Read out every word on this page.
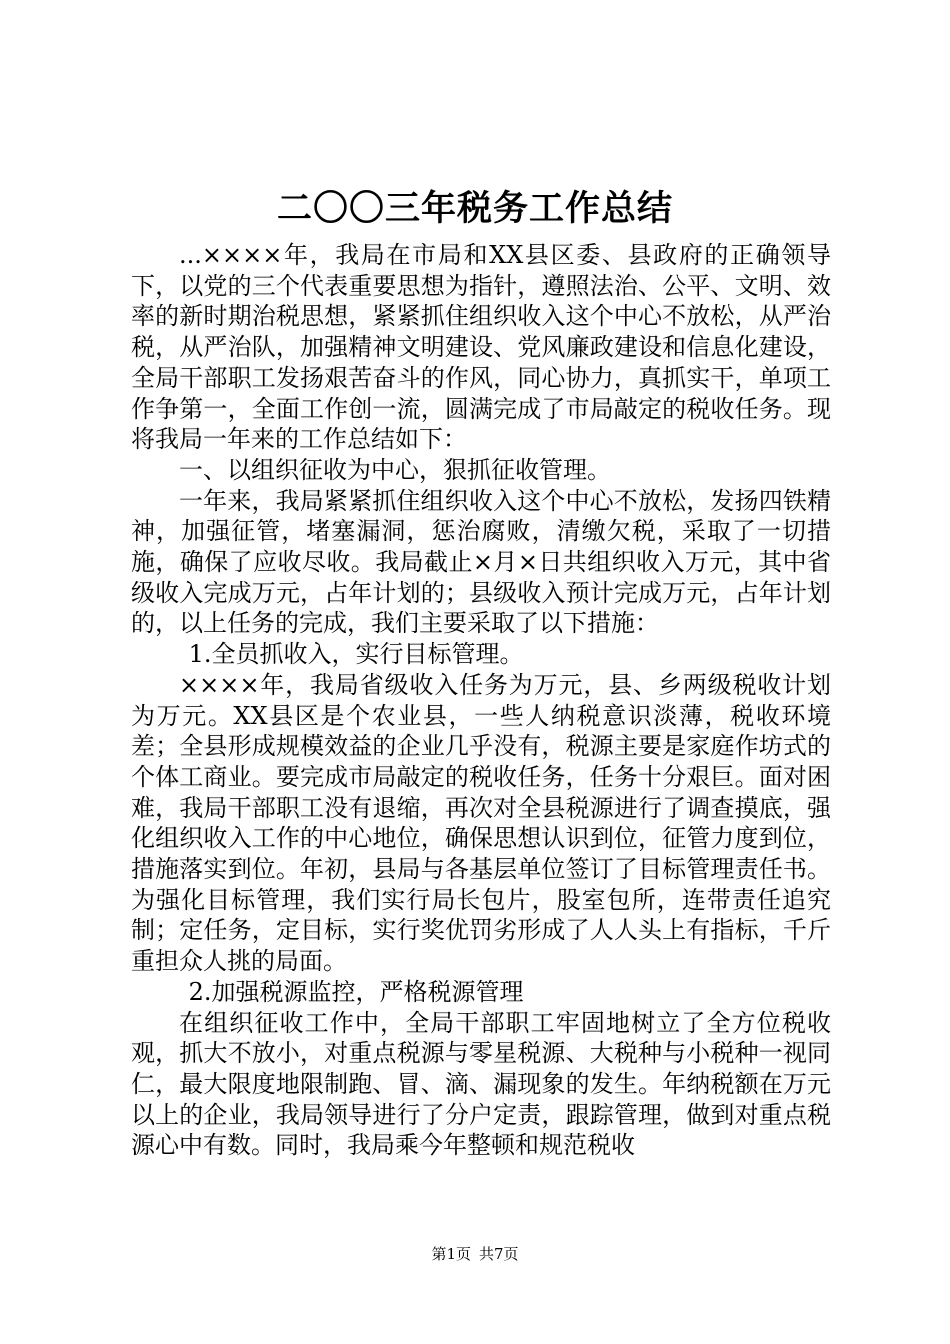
二〇〇三年税务工作总结

...××××年，我局在市局和XX县区委、县政府的正确领导下，以党的三个代表重要思想为指针，遵照法治、公平、文明、效率的新时期治税思想，紧紧抓住组织收入这个中心不放松，从严治税，从严治队，加强精神文明建设、党风廉政建设和信息化建设，全局干部职工发扬艰苦奋斗的作风，同心协力，真抓实干，单项工作争第一，全面工作创一流，圆满完成了市局敲定的税收任务。现将我局一年来的工作总结如下：

一、以组织征收为中心，狠抓征收管理。

一年来，我局紧紧抓住组织收入这个中心不放松，发扬四铁精神，加强征管，堵塞漏洞，惩治腐败，清缴欠税，采取了一切措施，确保了应收尽收。我局截止×月×日共组织收入万元，其中省级收入完成万元，占年计划的；县级收入预计完成万元，占年计划的，以上任务的完成，我们主要采取了以下措施：

1.全员抓收入，实行目标管理。

××××年，我局省级收入任务为万元，县、乡两级税收计划为万元。XX县区是个农业县，一些人纳税意识淡薄，税收环境差；全县形成规模效益的企业几乎没有，税源主要是家庭作坊式的个体工商业。要完成市局敲定的税收任务，任务十分艰巨。面对困难，我局干部职工没有退缩，再次对全县税源进行了调查摸底，强化组织收入工作的中心地位，确保思想认识到位，征管力度到位，措施落实到位。年初，县局与各基层单位签订了目标管理责任书。为强化目标管理，我们实行局长包片，股室包所，连带责任追究制；定任务，定目标，实行奖优罚劣形成了人人头上有指标，千斤重担众人挑的局面。

2.加强税源监控，严格税源管理

在组织征收工作中，全局干部职工牢固地树立了全方位税收观，抓大不放小，对重点税源与零星税源、大税种与小税种一视同仁，最大限度地限制跑、冒、滴、漏现象的发生。年纳税额在万元以上的企业，我局领导进行了分户定责，跟踪管理，做到对重点税源心中有数。同时，我局乘今年整顿和规范税收

第1页 共7页
